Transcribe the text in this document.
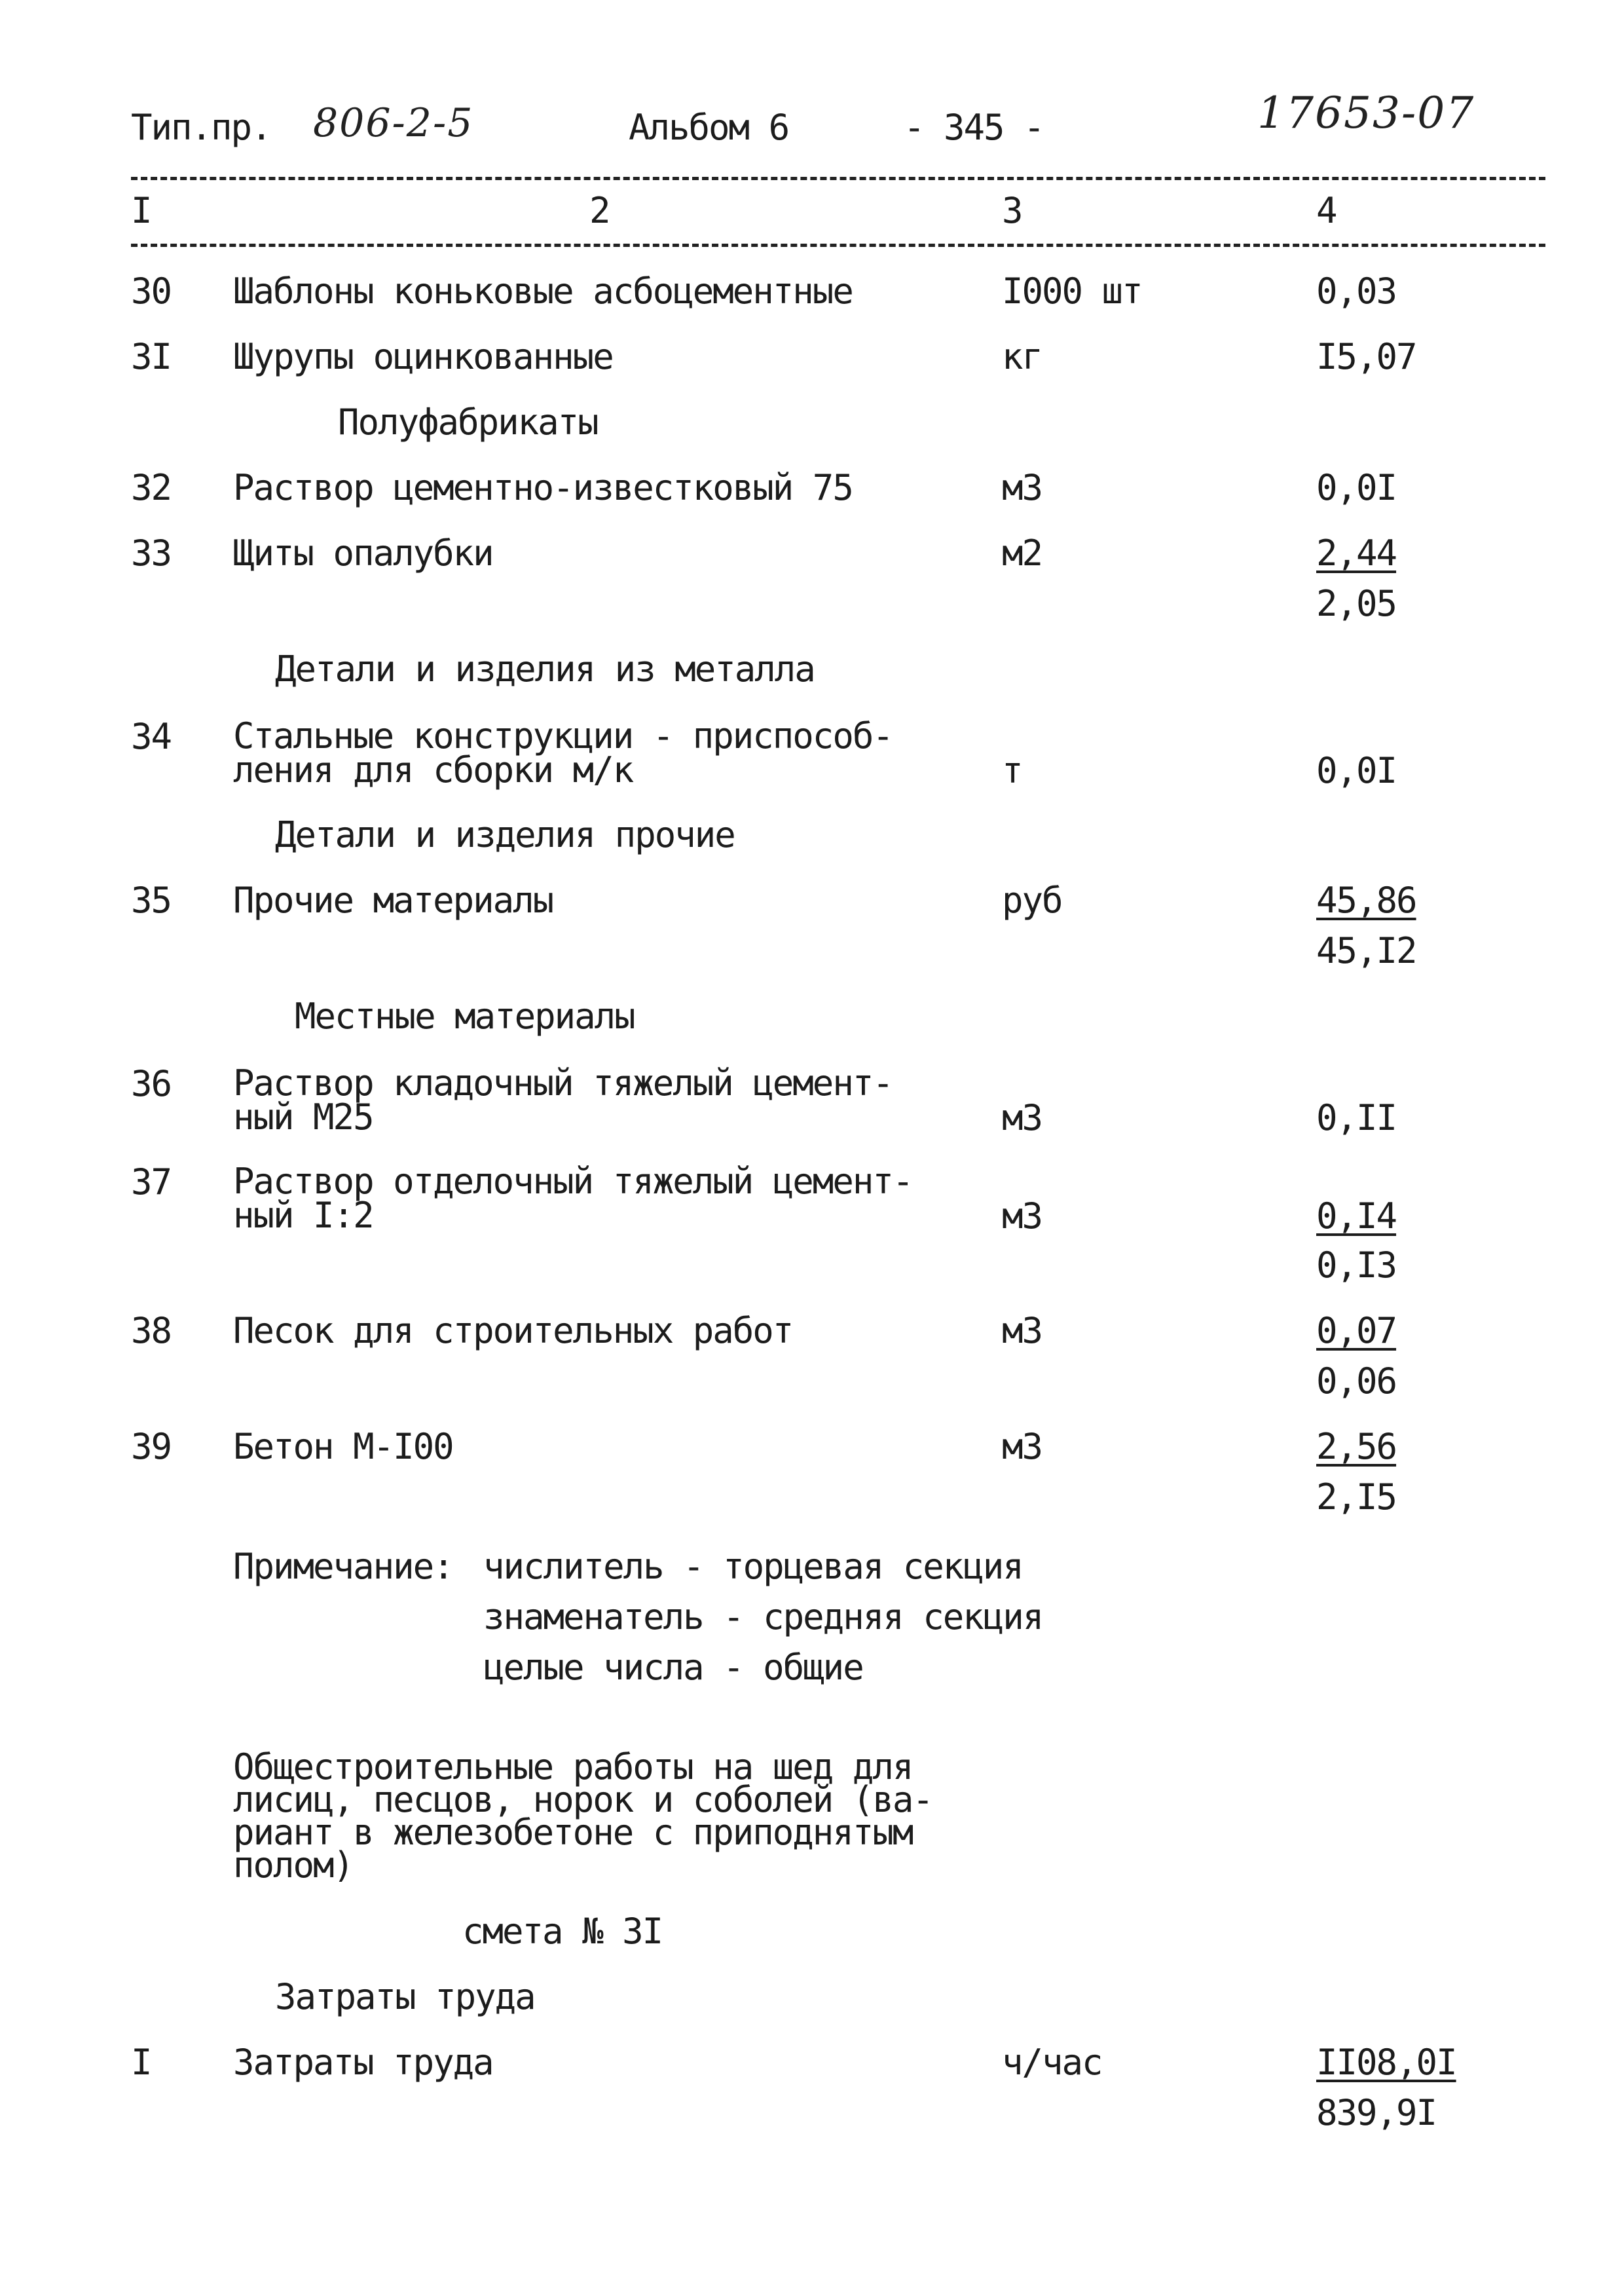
Тип.пр. 806-2-5	Альбом 6	- 345 -	17653-07
I	2	3	4
30 Шаблоны коньковые асбоцементные	I000 шт	0,03
3I Шурупы оцинкованные	кг	I5,07
Полуфабрикаты
32 Раствор цементно-известковый 75	м3	0,0I
33 Щиты опалубки	м2	2,44
2,05
Детали и изделия из металла
34 Стальные конструкции - приспособ-
ления для сборки м/к	т	0,0I
Детали и изделия прочие
35 Прочие материалы	руб	45,86
45,I2
Местные материалы
36 Раствор кладочный тяжелый цемент-
ный М25	м3	0,II
37 Раствор отделочный тяжелый цемент-
ный I:2	м3	0,I4
0,I3
38 Песок для строительных работ	м3	0,07
0,06
39 Бетон М-I00	м3	2,56
2,I5
Примечание: числитель - торцевая секция
знаменатель - средняя секция
целые числа - общие
Общестроительные работы на шед для
лисиц, песцов, норок и соболей (ва-
риант в железобетоне с приподнятым
полом)
смета № 3I
Затраты труда
I Затраты труда	ч/час	II08,0I
839,9I
